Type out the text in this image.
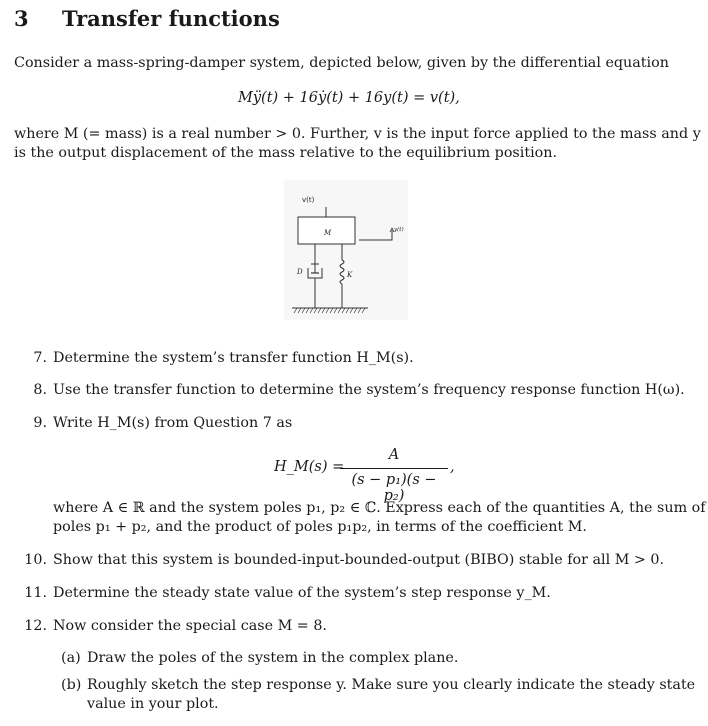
3 Transfer functions
Consider a mass-spring-damper system, depicted below, given by the differential equation
Mÿ(t) + 16ẏ(t) + 16y(t) = v(t),
where M (= mass) is a real number > 0. Further, v is the input force applied to the mass and y
is the output displacement of the mass relative to the equilibrium position.
v(t)
M	y(t)
D	K
7. Determine the system’s transfer function H_M(s).
8. Use the transfer function to determine the system’s frequency response function H(ω).
9. Write H_M(s) from Question 7 as
H_M(s) =
A
(s − p₁)(s − p₂)
,
where A ∈ ℝ and the system poles p₁, p₂ ∈ ℂ. Express each of the quantities A, the sum of
poles p₁ + p₂, and the product of poles p₁p₂, in terms of the coefficient M.
10. Show that this system is bounded-input-bounded-output (BIBO) stable for all M > 0.
11. Determine the steady state value of the system’s step response y_M.
12. Now consider the special case M = 8.
(a) Draw the poles of the system in the complex plane.
(b) Roughly sketch the step response y. Make sure you clearly indicate the steady state
value in your plot.
